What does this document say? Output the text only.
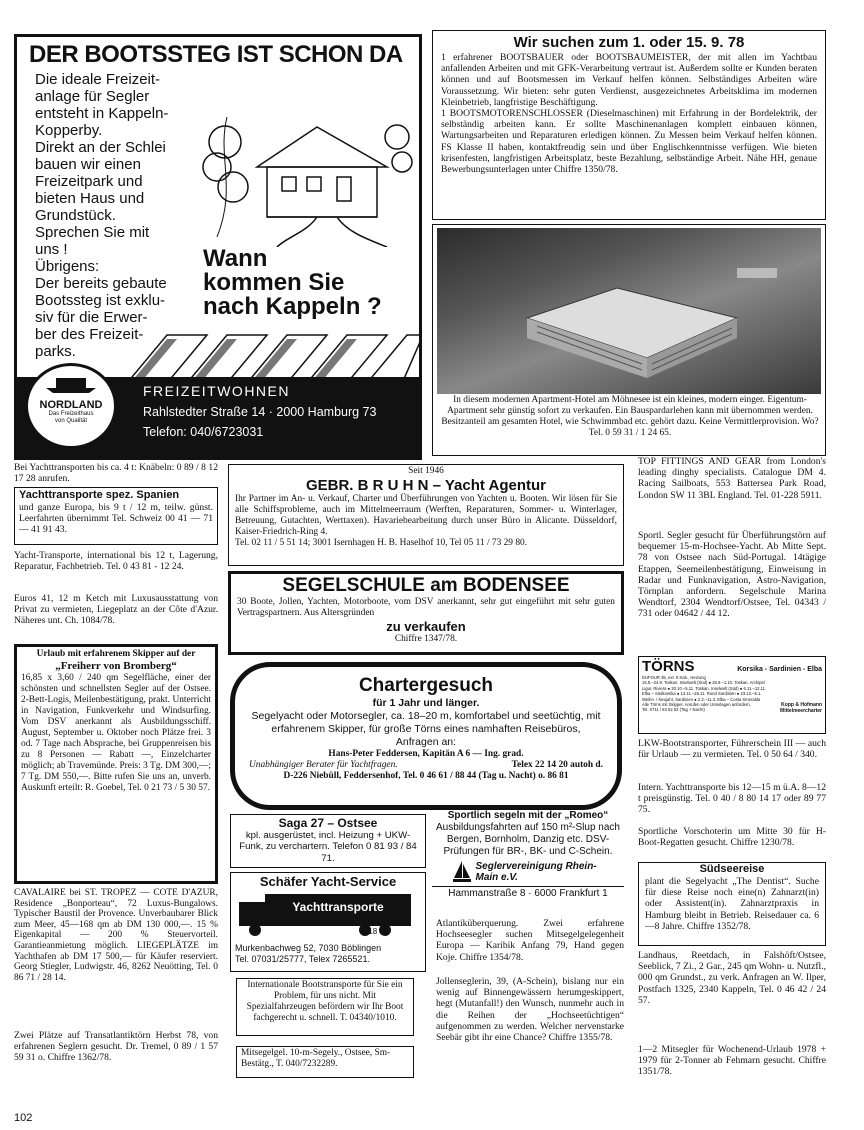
DER BOOTSSTEG IST SCHON DA
Die ideale Freizeit-
anlage für Segler
entsteht in Kappeln-
Kopperby.
Direkt an der Schlei
bauen wir einen
Freizeitpark und
bieten Haus und
Grundstück.
Sprechen Sie mit
uns !
Übrigens:
Der bereits gebaute
Bootssteg ist exklu-
siv für die Erwer-
ber des Freizeit-
parks.
Wann
kommen Sie
nach Kappeln ?
NORDLAND
Das Freizeithaus
von Qualität
FREIZEITWOHNEN
Rahlstedter Straße 14 · 2000 Hamburg 73
Telefon: 040/6723031
Wir suchen zum 1. oder 15. 9. 78

1 erfahrener BOOTSBAUER oder BOOTSBAUMEISTER, der mit allen im Yachtbau anfallenden Arbeiten und mit GFK-Verarbeitung vertraut ist. Außerdem sollte er Kunden beraten können und auf Bootsmessen im Verkauf helfen können. Selbständiges Arbeiten wäre Voraussetzung. Wir bieten: sehr guten Verdienst, ausgezeichnetes Arbeitsklima im modernen Kleinbetrieb, langfristige Beschäftigung.

1 BOOTSMOTORENSCHLOSSER (Dieselmaschinen) mit Erfahrung in der Bordelektrik, der selbständig arbeiten kann. Er sollte Maschinenanlagen komplett einbauen können, Wartungsarbeiten und Reparaturen erledigen können. Zu Messen beim Verkauf helfen können. FS Klasse II haben, kontaktfreudig sein und über Englischkenntnisse verfügen. Wie bieten krisenfesten, langfristigen Arbeitsplatz, beste Bezahlung, selbständige Arbeit. Nähe HH, genaue Bewerbungsunterlagen unter Chiffre 1350/78.

In diesem modernen Apartment-Hotel am Möhnesee ist ein kleines, modern einger. Eigentum-Apartment sehr günstig sofort zu verkaufen. Ein Bauspardarlehen kann mit übernommen werden. Besitzanteil am gesamten Hotel, wie Schwimmbad etc. gehört dazu. Keine Vermittlerprovision. Wo? Tel. 0 59 31 / 1 24 65.

Bei Yachttransporten bis ca. 4 t: Knäbeln: 0 89 / 8 12 17 28 anrufen.

Yachttransporte spez. Spanien

und ganze Europa, bis 9 t / 12 m, teilw. günst. Leerfahrten übernimmt Tel. Schweiz 00 41 — 71 — 41 91 43.

Yacht-Transporte, international bis 12 t, Lagerung, Reparatur, Fachbetrieb. Tel. 0 43 81 - 12 24.

Euros 41, 12 m Ketch mit Luxusausstattung von Privat zu vermieten, Liegeplatz an der Côte d'Azur. Näheres unt. Ch. 1084/78.

Urlaub mit erfahrenem Skipper auf der

„Freiherr von Bromberg“

16,85 x 3,60 / 240 qm Segelfläche, einer der schönsten und schnellsten Segler auf der Ostsee. 2-Bett-Logis, Meilenbestätigung, prakt. Unterricht in Navigation, Funkverkehr und Windsurfing. Vom DSV anerkannt als Ausbildungsschiff. August, September u. Oktober noch Plätze frei. 3 od. 7 Tage nach Absprache, bei Gruppenreisen bis zu 8 Personen — Rabatt —, Einzelcharter möglich; ab Travemünde. Preis: 3 Tg. DM 300,—; 7 Tg. DM 550,—. Bitte rufen Sie uns an, unverb. Auskunft erteilt: R. Goebel, Tel. 0 21 73 / 5 30 57.

CAVALAIRE bei ST. TROPEZ — COTE D'AZUR, Residence „Bonporteau“, 72 Luxus-Bungalows. Typischer Baustil der Provence. Unverbaubarer Blick zum Meer, 45—168 qm ab DM 130 000,—. 15 % Eigenkapital — 200 % Steuervorteil. Garantieanmietung möglich. LIEGEPLÄTZE im Yachthafen ab DM 17 500,— für Käufer reserviert. Georg Stiegler, Ludwigstr. 46, 8262 Neuötting, Tel. 0 86 71 / 28 14.

Zwei Plätze auf Transatlantiktörn Herbst 78, von erfahrenen Seglern gesucht. Dr. Tremel, 0 89 / 1 57 59 31 o. Chiffre 1362/78.

102

Seit 1946

GEBR. B R U H N – Yacht Agentur

Ihr Partner im An- u. Verkauf, Charter und Überführungen von Yachten u. Booten. Wir lösen für Sie alle Schiffsprobleme, auch im Mittelmeerraum (Werften, Reparaturen, Sommer- u. Winterlager, Betreuung, Gutachten, Werttaxen). Havariebearbeitung durch unser Büro in Alicante. Düsseldorf, Kaiser-Friedrich-Ring 4.

Tel. 02 11 / 5 51 14; 3001 Isernhagen H. B. Haselhof 10, Tel 05 11 / 73 29 80.

SEGELSCHULE am BODENSEE

30 Boote, Jollen, Yachten, Motorboote, vom DSV anerkannt, sehr gut eingeführt mit sehr guten Vertragspartnern. Aus Altersgründen

zu verkaufen

Chiffre 1347/78.

Chartergesuch

für 1 Jahr und länger.

Segelyacht oder Motorsegler, ca. 18–20 m, komfortabel und seetüchtig, mit erfahrenem Skipper, für große Törns eines namhaften Reisebüros, Anfragen an:

Hans-Peter Feddersen, Kapitän A 6 — Ing. grad.

Unabhängiger Berater für Yachtfragen.	Telex 22 14 20 autoh d.

D-226 Niebüll, Feddersenhof, Tel. 0 46 61 / 88 44 (Tag u. Nacht) o. 86 81

Saga 27 – Ostsee

kpl. ausgerüstet, incl. Heizung + UKW-Funk, zu verchartern. Telefon 0 81 93 / 84 71.

Schäfer Yacht-Service

Yachttransporte
18 t

Murkenbachweg 52, 7030 Böblingen
Tel. 07031/25777, Telex 7265521.

Internationale Bootstransporte für Sie ein Problem, für uns nicht. Mit Spezialfahrzeugen befördern wir Ihr Boot fachgerecht u. schnell. T. 04340/1010.

Mitsegelgel. 10-m-Segely., Ostsee, Sm-Bestätg., T. 040/7232289.

Sportlich segeln mit der „Romeo“

Ausbildungsfahrten auf 150 m²-Slup nach Bergen, Bornholm, Danzig etc. DSV-Prüfungen für BR-, BK- und C-Schein.

Seglervereinigung Rhein-Main e.V.

Hammanstraße 8 · 6000 Frankfurt 1

Atlantiküberquerung. Zwei erfahrene Hochseesegler suchen Mitsegelgelegenheit Europa — Karibik Anfang 79, Hand gegen Koje. Chiffre 1354/78.

Jollenseglerin, 39, (A-Schein), bislang nur ein wenig auf Binnengewässern herumgeskippert, hegt (Mutanfall!) den Wunsch, nunmehr auch in die Reihen der „Hochseetüchtigen“ aufgenommen zu werden. Welcher nervenstarke Seebär gibt ihr eine Chance? Chiffre 1355/78.

TOP FITTINGS AND GEAR from London's leading dinghy specialists. Catalogue DM 4. Racing Sailboats, 553 Battersea Park Road, London SW 11 3BL England. Tel. 01-228 5911.

Sportl. Segler gesucht für Überführungstörn auf bequemer 15-m-Hochsee-Yacht. Ab Mitte Sept. 78 von Ostsee nach Süd-Portugal. 14tägige Etappen, Seemeilenbestätigung, Einweisung in Radar und Funknavigation, Astro-Navigation, Törnplan anfordern. Segelschule Marina Wendtorf, 2304 Wendtorf/Ostsee, Tel. 04343 / 731 oder 04642 / 44 12.

TÖRNS	Korsika - Sardinien - Elba

DUFOUR 35, ext. 5 Kab., Heizung
15.9.–24.9. Toskan. Inselwelt (Süd) ● 25.9.–1.10. Toskan. Archipel
Ligur. Riviera ● 30.10.–5.11. Toskan. Inselwelt (Süd) ● 6.11.–12.11.
Elba – Südkorsika ● 13.11.–26.11. Rund Sardinien ● 23.12.–6.1.
Weihn. / Neujahr, Sardinien ● 2.3.–11.3. Elba – Costa Smeralda
Alle Törns mit Skipper. Anrufen oder Unterlagen anfordern.
Tel. 0711 / 63 52 52 (Tag + Nacht)

Kopp & Hofmann
Mittelmeercharter

LKW-Bootstransporter, Führerschein III — auch für Urlaub — zu vermieten. Tel. 0 50 64 / 340.

Intern. Yachttransporte bis 12—15 m ü.A. 8—12 t preisgünstig. Tel. 0 40 / 8 80 14 17 oder 89 77 75.

Sportliche Vorschoterin um Mitte 30 für H-Boot-Regatten gesucht. Chiffre 1230/78.

Südseereise

plant die Segelyacht „The Dentist“. Suche für diese Reise noch eine(n) Zahnarzt(in) oder Assistent(in). Zahnarztpraxis in Hamburg bleibt in Betrieb. Reisedauer ca. 6—8 Jahre. Chiffre 1352/78.

Landhaus, Reetdach, in Falshöft/Ostsee, Seeblick, 7 Zi., 2 Gar., 245 qm Wohn- u. Nutzfl., 000 qm Grundst., zu verk. Anfragen an W. Ilper, Postfach 1325, 2340 Kappeln, Tel. 0 46 42 / 24 57.

1—2 Mitsegler für Wochenend-Urlaub 1978 + 1979 für 2-Tonner ab Fehmarn gesucht. Chiffre 1351/78.
